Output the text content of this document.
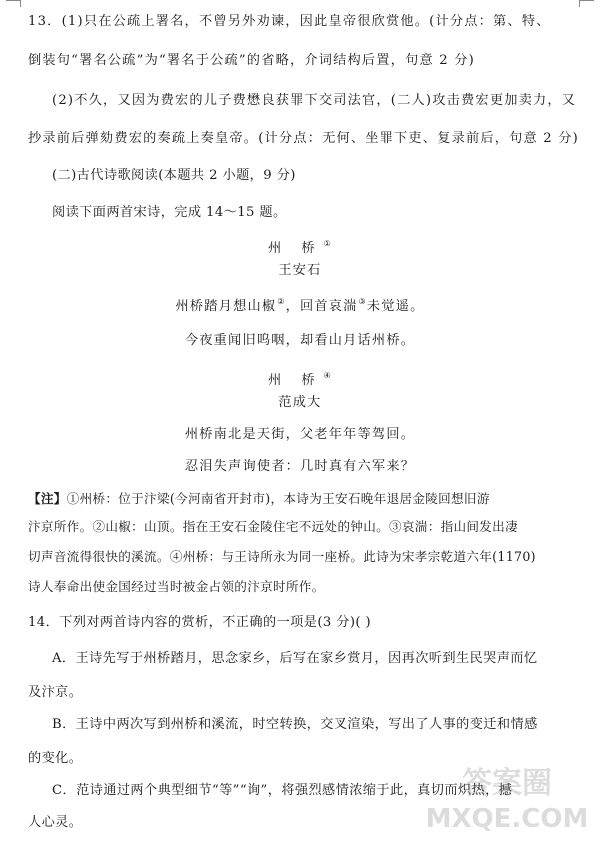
13．(1)只在公疏上署名，不曾另外劝谏，因此皇帝很欣赏他。(计分点：第、特、
倒装句“署名公疏”为“署名于公疏”的省略，介词结构后置，句意 2 分)
(2)不久，又因为费宏的儿子费懋良获罪下交司法官，(二人)攻击费宏更加卖力，又
抄录前后弹劾费宏的奏疏上奏皇帝。(计分点：无何、坐罪下吏、复录前后，句意 2 分)
(二)古代诗歌阅读(本题共 2 小题，9 分)
阅读下面两首宋诗，完成 14～15 题。
州 桥①
王安石
州桥踏月想山椒②，回首哀湍③未觉遥。
今夜重闻旧呜咽，却看山月话州桥。
州 桥④
范成大
州桥南北是天街，父老年年等驾回。
忍泪失声询使者：几时真有六军来？
【注】①州桥：位于汴梁(今河南省开封市)，本诗为王安石晚年退居金陵回想旧游
汴京所作。②山椒：山顶。指在王安石金陵住宅不远处的钟山。③哀湍：指山间发出凄
切声音流得很快的溪流。④州桥：与王诗所永为同一座桥。此诗为宋孝宗乾道六年(1170)
诗人奉命出使金国经过当时被金占领的汴京时所作。
14．下列对两首诗内容的赏析，不正确的一项是(3 分)( )
A．王诗先写于州桥踏月，思念家乡，后写在家乡赏月，因再次听到生民哭声而忆
及汴京。
B．王诗中两次写到州桥和溪流，时空转换，交叉渲染，写出了人事的变迁和情感
的变化。
C．范诗通过两个典型细节“等”“询”，将强烈感情浓缩于此，真切而炽热，撼
人心灵。
答案圈
MXQE.COM
